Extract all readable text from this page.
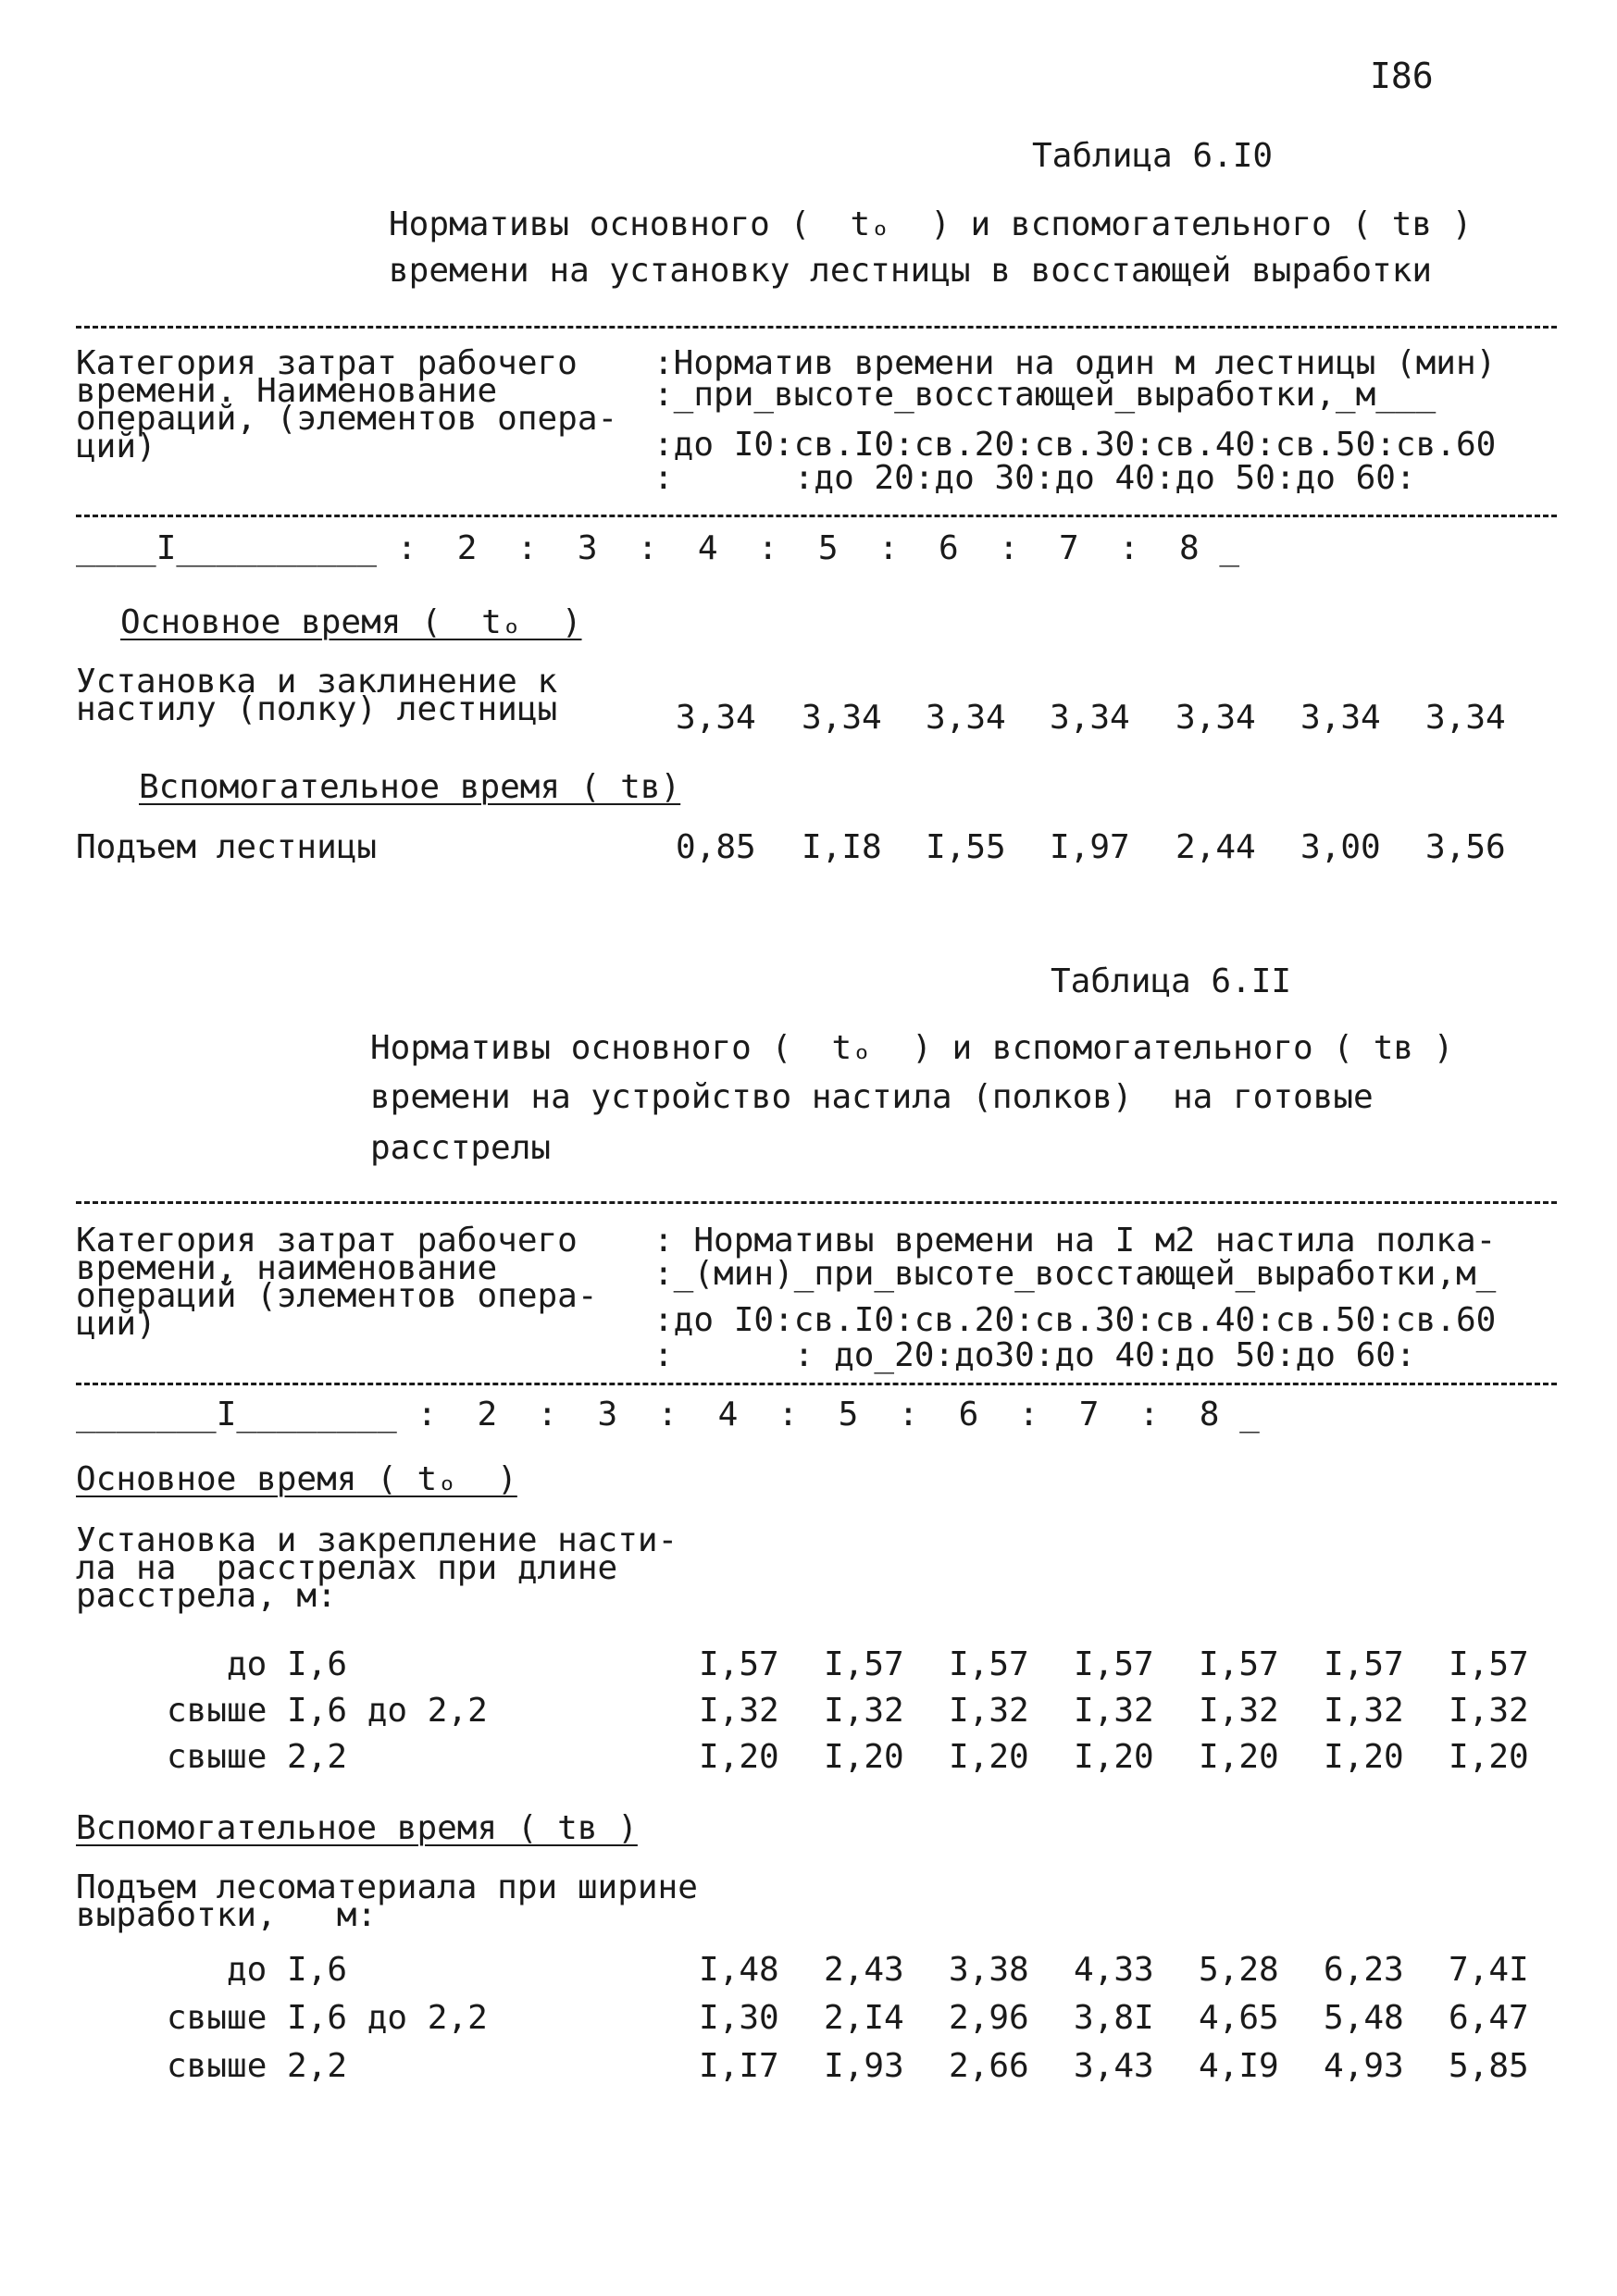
I86
Таблица 6.I0
Нормативы основного (  tₒ  ) и вспомогательного ( tв )
времени на установку лестницы в восстающей выработки
Категория затрат рабочего
времени. Наименование
операций, (элементов опера-
ций)
:Норматив времени на один м лестницы (мин)
:_при_высоте_восстающей_выработки,_м___
:до I0:св.I0:св.20:св.30:св.40:св.50:св.60
:      :до 20:до 30:до 40:до 50:до 60:
____I__________ :  2  :  3  :  4  :  5  :  6  :  7  :  8 _
Основное время (  tₒ  )
Установка и заклинение к
настилу (полку) лестницы	3,34	3,34	3,34	3,34	3,34	3,34	3,34
Вспомогательное время ( tв)
Подъем лестницы	0,85	I,I8	I,55	I,97	2,44	3,00	3,56
Таблица 6.II
Нормативы основного (  tₒ  ) и вспомогательного ( tв )
времени на устройство настила (полков)  на готовые
расстрелы
Категория затрат рабочего
времени, наименование
операций (элементов опера-
ций)
: Нормативы времени на I м2 настила полка-
:_(мин)_при_высоте_восстающей_выработки,м_
:до I0:св.I0:св.20:св.30:св.40:св.50:св.60
:      : до_20:до30:до 40:до 50:до 60:
_______I________ :  2  :  3  :  4  :  5  :  6  :  7  :  8 _
Основное время ( tₒ  )
Установка и закрепление насти-
ла на  расстрелах при длине
расстрела, м:
до I,6	I,57	I,57	I,57	I,57	I,57	I,57	I,57
свыше I,6 до 2,2	I,32	I,32	I,32	I,32	I,32	I,32	I,32
свыше 2,2	I,20	I,20	I,20	I,20	I,20	I,20	I,20
Вспомогательное время ( tв )
Подъем лесоматериала при ширине
выработки,   м:
до I,6	I,48	2,43	3,38	4,33	5,28	6,23	7,4I
свыше I,6 до 2,2	I,30	2,I4	2,96	3,8I	4,65	5,48	6,47
свыше 2,2	I,I7	I,93	2,66	3,43	4,I9	4,93	5,85
